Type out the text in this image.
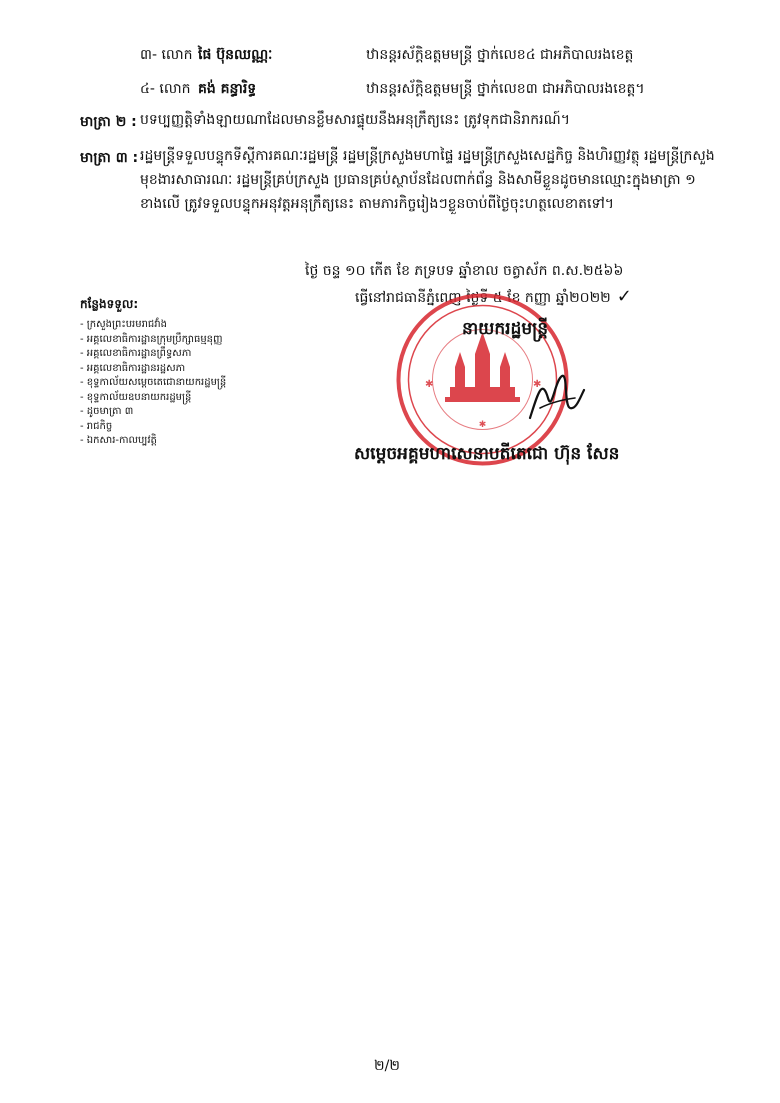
៣- លោក ផៃ ប៊ុនឈណ្ណៈ	ឋានន្តរស័ក្តិឧត្តមមន្ត្រី ថ្នាក់លេខ៤ ជាអភិបាលរងខេត្ត
៤- លោក គង់ គន្ធារិទ្ធ	ឋានន្តរស័ក្តិឧត្តមមន្ត្រី ថ្នាក់លេខ៣ ជាអភិបាលរងខេត្ត។
មាត្រា ២ : បទប្បញ្ញត្តិទាំងឡាយណាដែលមានខ្លឹមសារផ្ទុយនឹងអនុក្រឹត្យនេះ ត្រូវទុកជានិរាករណ៍។
មាត្រា ៣ : រដ្ឋមន្ត្រីទទួលបន្ទុកទីស្តីការគណៈរដ្ឋមន្ត្រី រដ្ឋមន្ត្រីក្រសួងមហាផ្ទៃ រដ្ឋមន្ត្រីក្រសួងសេដ្ឋកិច្ច និងហិរញ្ញវត្ថុ រដ្ឋមន្ត្រីក្រសួងមុខងារសាធារណៈ រដ្ឋមន្ត្រីគ្រប់ក្រសួង ប្រធានគ្រប់ស្ថាប័នដែលពាក់ព័ន្ធ និងសាមីខ្លួនដូចមានឈ្មោះក្នុងមាត្រា ១ ខាងលើ ត្រូវទទួលបន្ទុកអនុវត្តអនុក្រឹត្យនេះ តាមភារកិច្ចរៀងៗខ្លួនចាប់ពីថ្ងៃចុះហត្ថលេខាតទៅ។
ថ្ងៃ ចន្ទ ១០ កើត ខែ ភទ្របទ ឆ្នាំខាល ចត្វាស័ក ព.ស.២៥៦៦
ធ្វើនៅរាជធានីភ្នំពេញ ថ្ងៃទី ៥ ខែ កញ្ញា ឆ្នាំ២០២២ ✓
✱
✱	✱
នាយករដ្ឋមន្ត្រី
សម្តេចអគ្គមហាសេនាបតីតេជោ ហ៊ុន សែន
កន្លែងទទួល:
- ក្រសួងព្រះបរមរាជវាំង
- អគ្គលេខាធិការដ្ឋានក្រុមប្រឹក្សាធម្មនុញ្ញ
- អគ្គលេខាធិការដ្ឋានព្រឹទ្ធសភា
- អគ្គលេខាធិការដ្ឋានរដ្ឋសភា
- ខុទ្ទកាល័យសម្តេចតេជោនាយករដ្ឋមន្ត្រី
- ខុទ្ទកាល័យឧបនាយករដ្ឋមន្ត្រី
- ដូចមាត្រា ៣
- រាជកិច្ច
- ឯកសារ-កាលប្បវត្តិ
២/២
